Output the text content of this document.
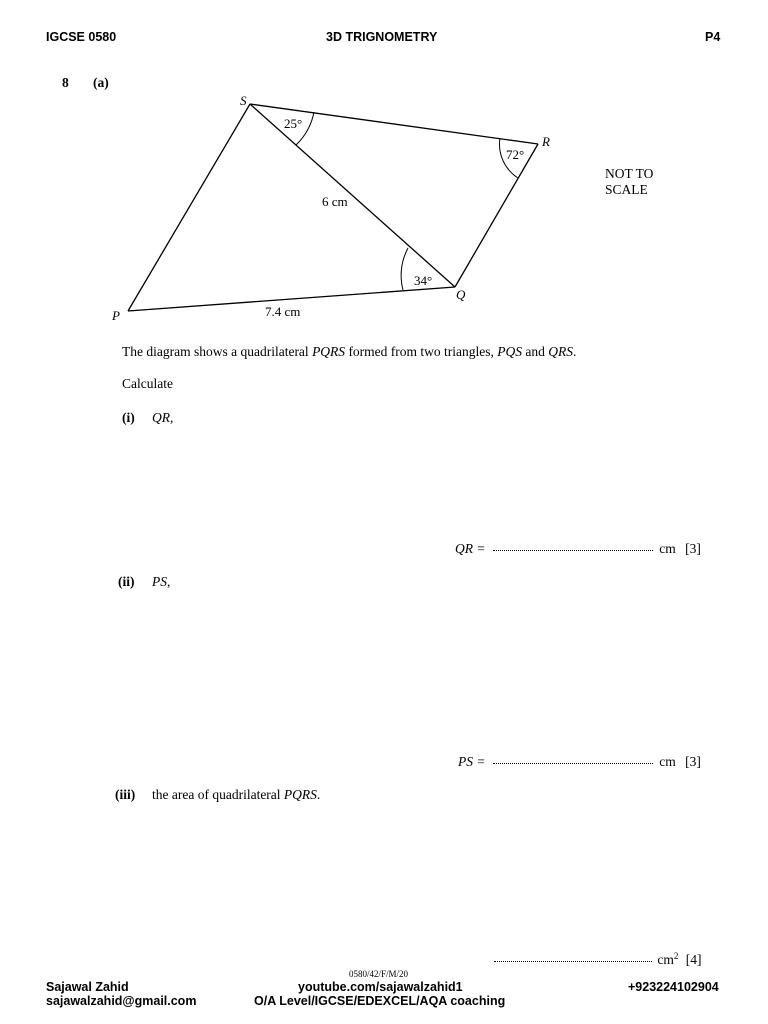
IGCSE 0580	3D TRIGNOMETRY	P4
8 (a)
S
R
Q
P
25°
72°
34°
6 cm
7.4 cm
NOT TO
SCALE
The diagram shows a quadrilateral PQRS formed from two triangles, PQS and QRS.
Calculate
(i) QR,
QR =	cm [3]
(ii) PS,
PS =	cm [3]
(iii) the area of quadrilateral PQRS.
$cm^2$ [4]
0580/42/F/M/20
Sajawal Zahid
sajawalzahid@gmail.com
youtube.com/sajawalzahid1
O/A Level/IGCSE/EDEXCEL/AQA coaching
+923224102904
